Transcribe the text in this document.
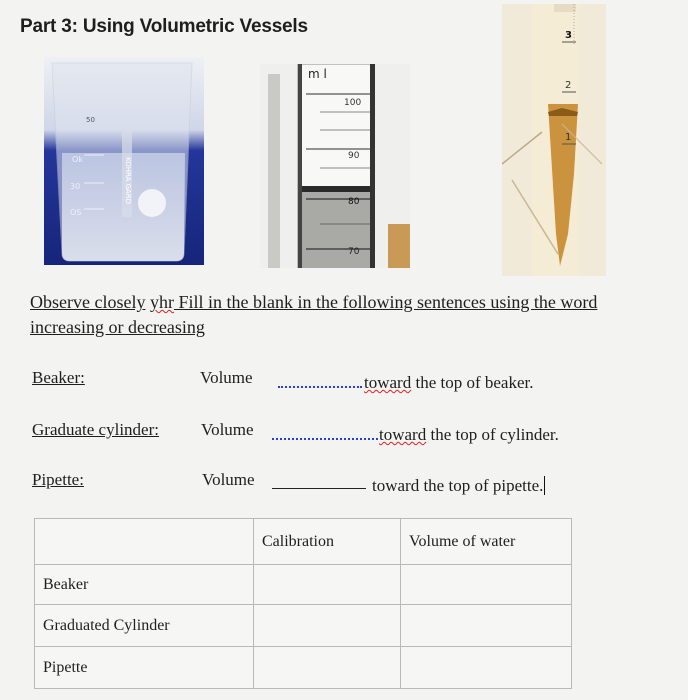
Part 3: Using Volumetric Vessels
Ok
30
OS
50
KOHRA GARD
m l
100
90
80
70
3
2
1
Observe closely yhr Fill in the blank in the following sentences using the word
increasing or decreasing
Beaker:	Volume	toward the top of beaker.
Graduate cylinder: Volume	toward the top of cylinder.
Pipette:	Volume	toward the top of pipette.
	Calibration	Volume of water
Beaker		
Graduated Cylinder		
Pipette		
